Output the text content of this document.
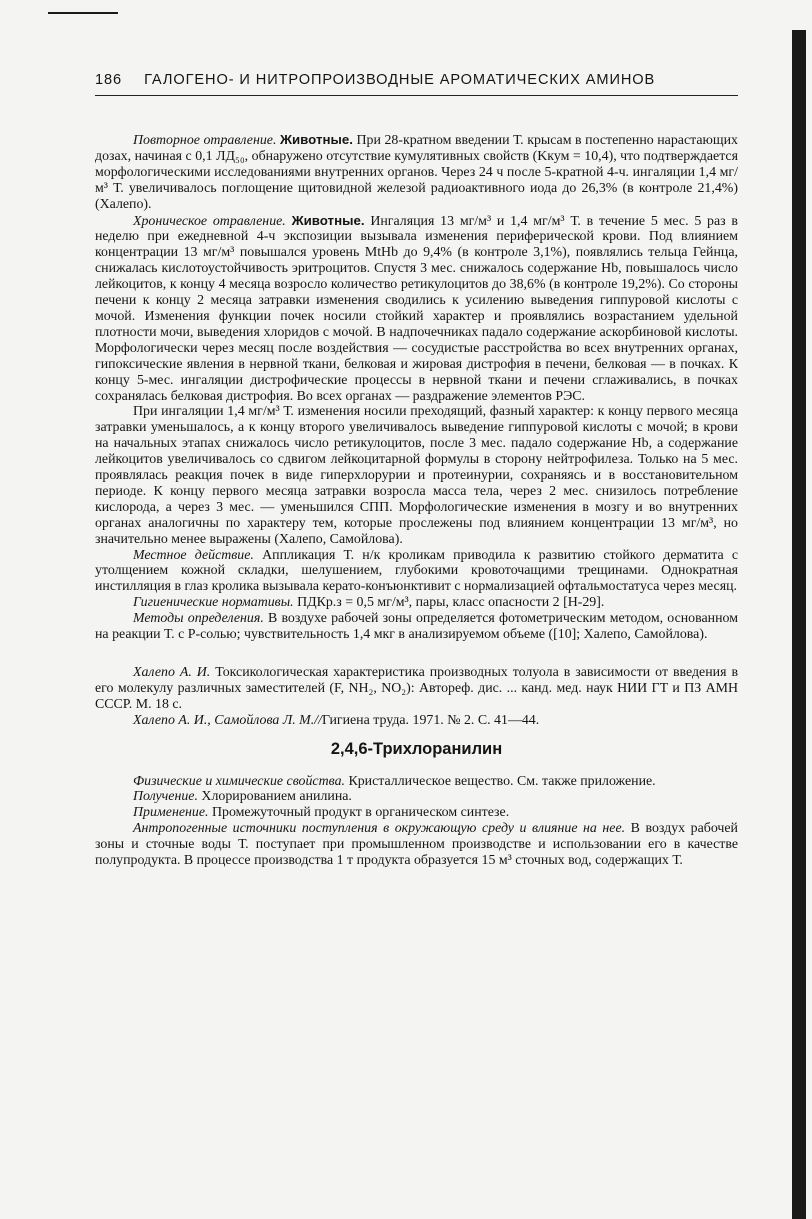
186 ГАЛОГЕНО- И НИТРОПРОИЗВОДНЫЕ АРОМАТИЧЕСКИХ АМИНОВ

Повторное отравление. Животные. При 28-кратном введении Т. крысам в постепенно нарастающих дозах, начиная с 0,1 ЛД₅₀, обнаружено отсутствие кумулятивных свойств (Kкум = 10,4), что подтверждается морфологическими исследованиями внутренних органов. Через 24 ч после 5-кратной 4-ч. ингаляции 1,4 мг/м³ Т. увеличивалось поглощение щитовидной железой радиоактивного иода до 26,3% (в контроле 21,4%) (Халепо).

Хроническое отравление. Животные. Ингаляция 13 мг/м³ и 1,4 мг/м³ Т. в течение 5 мес. 5 раз в неделю при ежедневной 4-ч экспозиции вызывала изменения периферической крови. Под влиянием концентрации 13 мг/м³ повышался уровень MtHb до 9,4% (в контроле 3,1%), появлялись тельца Гейнца, снижалась кислотоустойчивость эритроцитов. Спустя 3 мес. снижалось содержание Hb, повышалось число лейкоцитов, к концу 4 месяца возросло количество ретикулоцитов до 38,6% (в контроле 19,2%). Со стороны печени к концу 2 месяца затравки изменения сводились к усилению выведения гиппуровой кислоты с мочой. Изменения функции почек носили стойкий характер и проявлялись возрастанием удельной плотности мочи, выведения хлоридов с мочой. В надпочечниках падало содержание аскорбиновой кислоты. Морфологически через месяц после воздействия — сосудистые расстройства во всех внутренних органах, гипоксические явления в нервной ткани, белковая и жировая дистрофия в печени, белковая — в почках. К концу 5-мес. ингаляции дистрофические процессы в нервной ткани и печени сглаживались, в почках сохранялась белковая дистрофия. Во всех органах — раздражение элементов РЭС.

При ингаляции 1,4 мг/м³ Т. изменения носили преходящий, фазный характер: к концу первого месяца затравки уменьшалось, а к концу второго увеличивалось выведение гиппуровой кислоты с мочой; в крови на начальных этапах снижалось число ретикулоцитов, после 3 мес. падало содержание Hb, а содержание лейкоцитов увеличивалось со сдвигом лейкоцитарной формулы в сторону нейтрофилеза. Только на 5 мес. проявлялась реакция почек в виде гиперхлорурии и протеинурии, сохраняясь и в восстановительном периоде. К концу первого месяца затравки возросла масса тела, через 2 мес. снизилось потребление кислорода, а через 3 мес. — уменьшился СПП. Морфологические изменения в мозгу и во внутренних органах аналогичны по характеру тем, которые прослежены под влиянием концентрации 13 мг/м³, но значительно менее выражены (Халепо, Самойлова).

Местное действие. Аппликация Т. н/к кроликам приводила к развитию стойкого дерматита с утолщением кожной складки, шелушением, глубокими кровоточащими трещинами. Однократная инстилляция в глаз кролика вызывала керато-конъюнктивит с нормализацией офтальмостатуса через месяц.

Гигиенические нормативы. ПДКр.з = 0,5 мг/м³, пары, класс опасности 2 [Н-29].

Методы определения. В воздухе рабочей зоны определяется фотометрическим методом, основанном на реакции Т. с Р-солью; чувствительность 1,4 мкг в анализируемом объеме ([10]; Халепо, Самойлова).

Халепо А. И. Токсикологическая характеристика производных толуола в зависимости от введения в его молекулу различных заместителей (F, NH₂, NO₂): Автореф. дис. ... канд. мед. наук НИИ ГТ и ПЗ АМН СССР. М. 18 с.

Халепо А. И., Самойлова Л. М.//Гигиена труда. 1971. № 2. С. 41—44.

2,4,6-Трихлоранилин

Физические и химические свойства. Кристаллическое вещество. См. также приложение.

Получение. Хлорированием анилина.

Применение. Промежуточный продукт в органическом синтезе.

Антропогенные источники поступления в окружающую среду и влияние на нее. В воздух рабочей зоны и сточные воды Т. поступает при промышленном производстве и использовании его в качестве полупродукта. В процессе производства 1 т продукта образуется 15 м³ сточных вод, содержащих Т.
